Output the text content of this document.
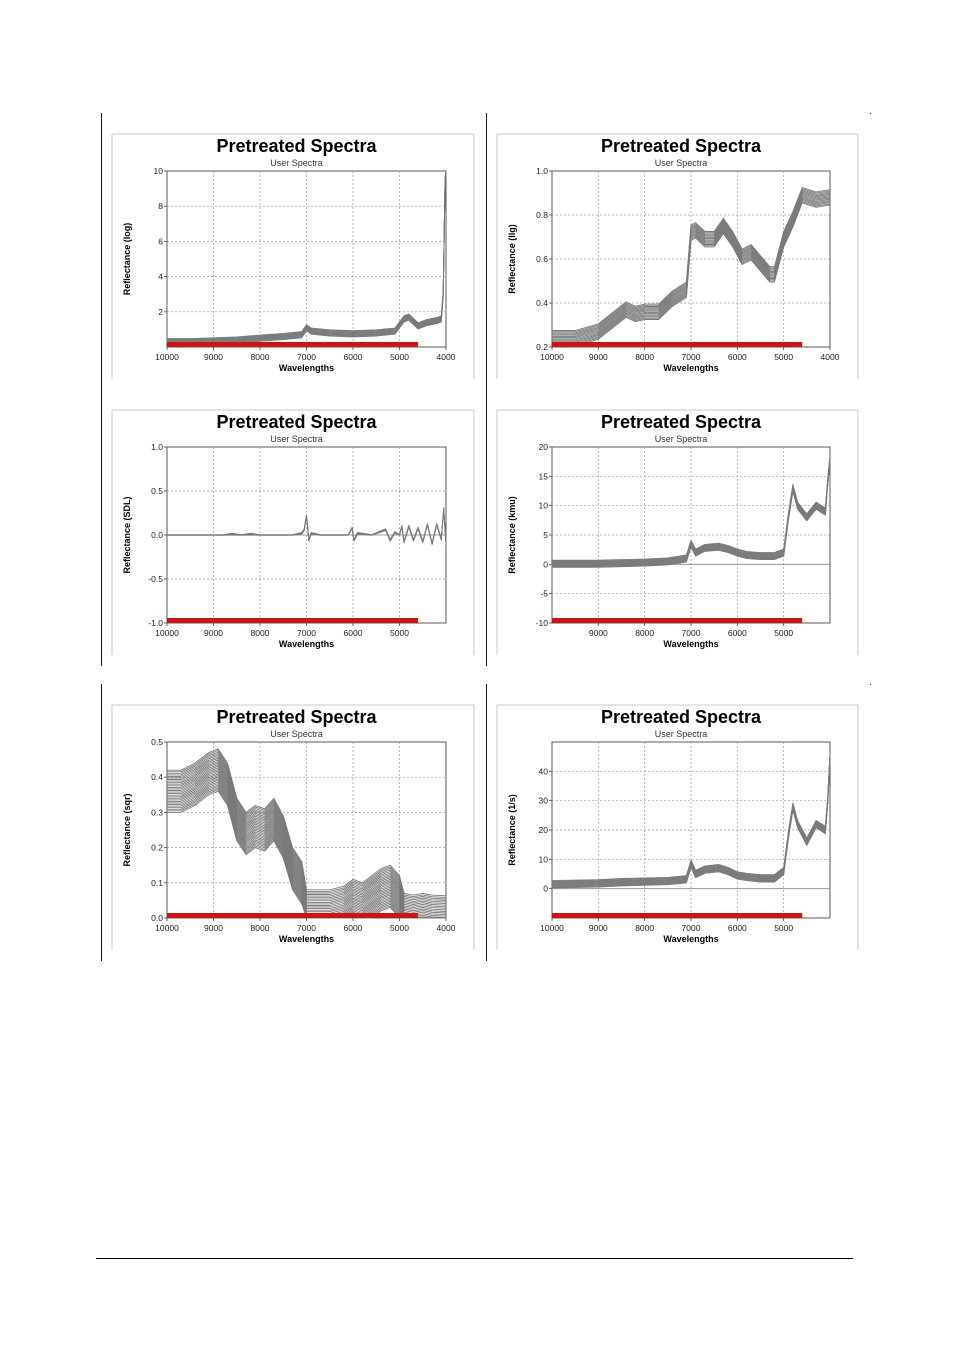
10000	9000	8000	7000	6000	5000	4000
2
4
6
8
10
Pretreated Spectra
User Spectra
Wavelengths
Reflectance (log)
10000	9000	8000	7000	6000	5000	4000
0.2
0.4
0.6
0.8
1.0
Pretreated Spectra
User Spectra
Wavelengths
Reflectance (llg)
10000	9000	8000	7000	6000	5000
-1.0
-0.5
0.0
0.5
1.0
Pretreated Spectra
User Spectra
Wavelengths
Reflectance (SDL)
9000	8000	7000	6000	5000
-10
-5
0
5
10
15
20
Pretreated Spectra
User Spectra
Wavelengths
Reflectance (kmu)
10000	9000	8000	7000	6000	5000	4000
0.0
0.1
0.2
0.3
0.4
0.5
Pretreated Spectra
User Spectra
Wavelengths
Reflectance (sqr)
10000	9000	8000	7000	6000	5000
0
10
20
30
40
Pretreated Spectra
User Spectra
Wavelengths
Reflectance (1/s)
